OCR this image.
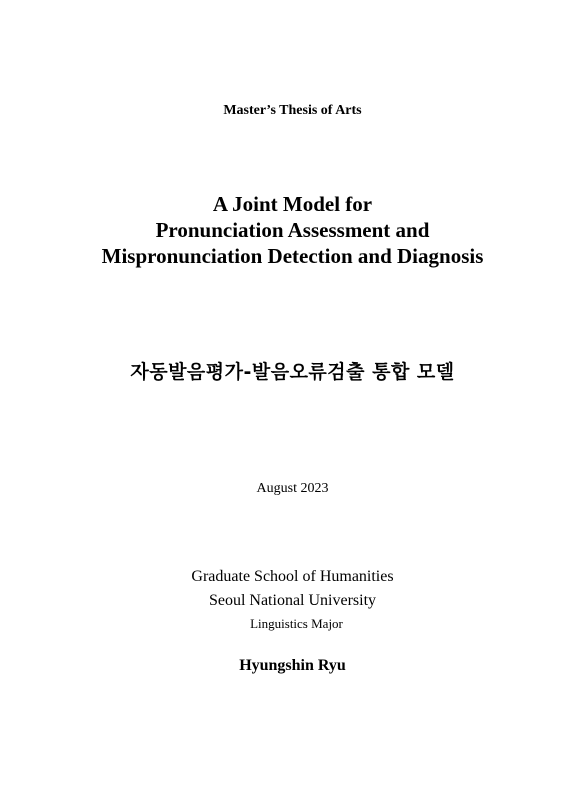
Master’s Thesis of Arts
A Joint Model for
Pronunciation Assessment and
Mispronunciation Detection and Diagnosis
자동발음평가-발음오류검출 통합 모델
August 2023
Graduate School of Humanities
Seoul National University
Linguistics Major
Hyungshin Ryu
